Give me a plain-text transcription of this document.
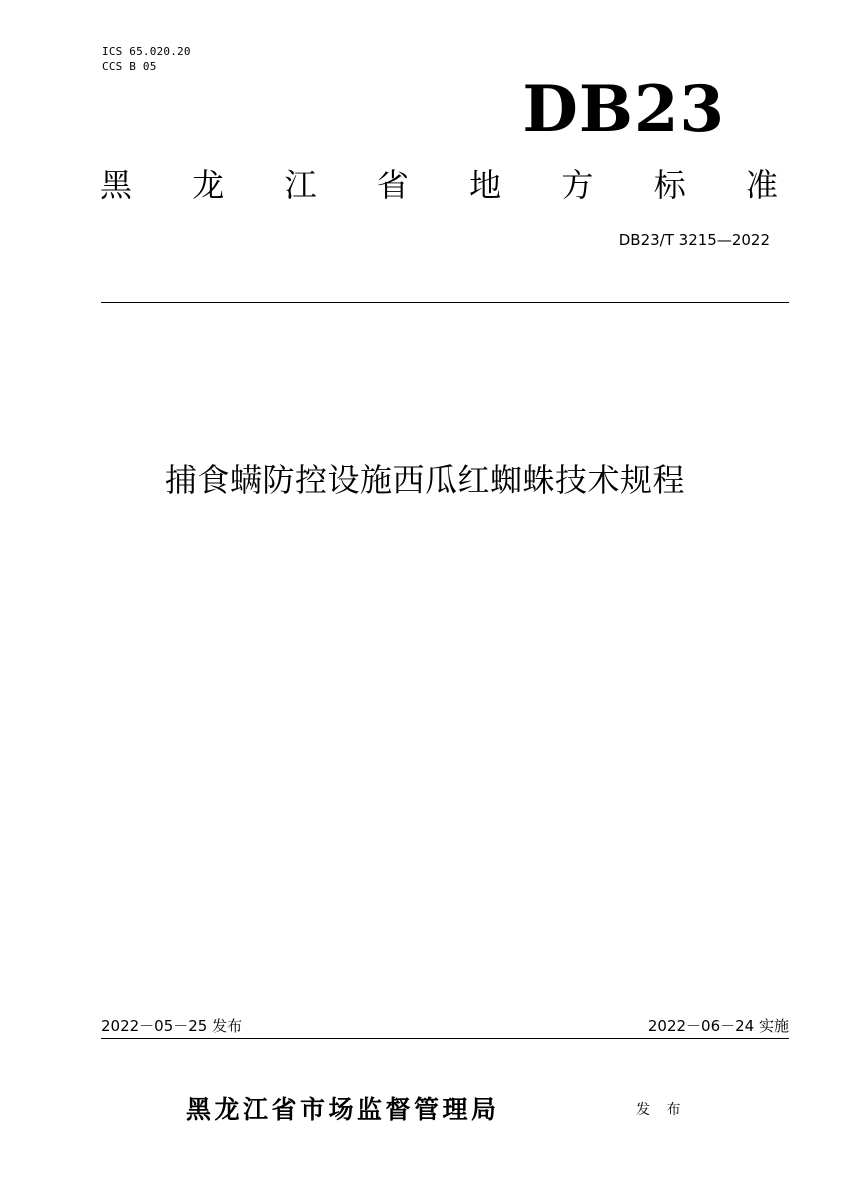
ICS 65.020.20
CCS B 05
DB23
黑 龙 江 省 地 方 标 准
DB23/T 3215—2022
捕食螨防控设施西瓜红蜘蛛技术规程
2022－05－25 发布	2022－06－24 实施
黑龙江省市场监督管理局	发 布
